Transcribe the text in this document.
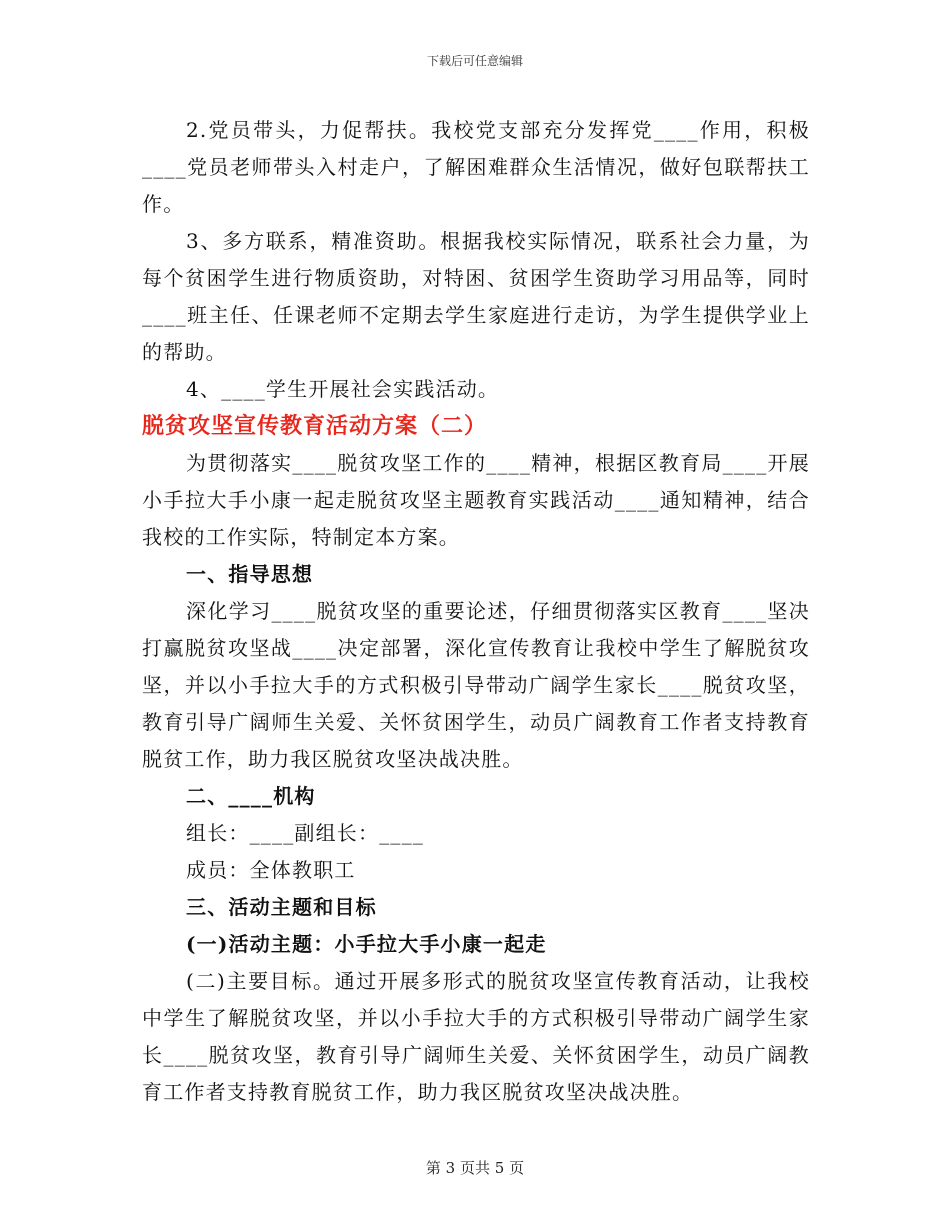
下载后可任意编辑

2.党员带头，力促帮扶。我校党支部充分发挥党____作用，积极____党员老师带头入村走户，了解困难群众生活情况，做好包联帮扶工作。

3、多方联系，精准资助。根据我校实际情况，联系社会力量，为每个贫困学生进行物质资助，对特困、贫困学生资助学习用品等，同时____班主任、任课老师不定期去学生家庭进行走访，为学生提供学业上的帮助。

4、____学生开展社会实践活动。

脱贫攻坚宣传教育活动方案（二）

为贯彻落实____脱贫攻坚工作的____精神，根据区教育局____开展小手拉大手小康一起走脱贫攻坚主题教育实践活动____通知精神，结合我校的工作实际，特制定本方案。

一、指导思想

深化学习____脱贫攻坚的重要论述，仔细贯彻落实区教育____坚决打赢脱贫攻坚战____决定部署，深化宣传教育让我校中学生了解脱贫攻坚，并以小手拉大手的方式积极引导带动广阔学生家长____脱贫攻坚，教育引导广阔师生关爱、关怀贫困学生，动员广阔教育工作者支持教育脱贫工作，助力我区脱贫攻坚决战决胜。

二、____机构

组长：____副组长：____

成员：全体教职工

三、活动主题和目标

(一)活动主题：小手拉大手小康一起走

(二)主要目标。通过开展多形式的脱贫攻坚宣传教育活动，让我校中学生了解脱贫攻坚，并以小手拉大手的方式积极引导带动广阔学生家长____脱贫攻坚，教育引导广阔师生关爱、关怀贫困学生，动员广阔教育工作者支持教育脱贫工作，助力我区脱贫攻坚决战决胜。

第 3 页共 5 页
